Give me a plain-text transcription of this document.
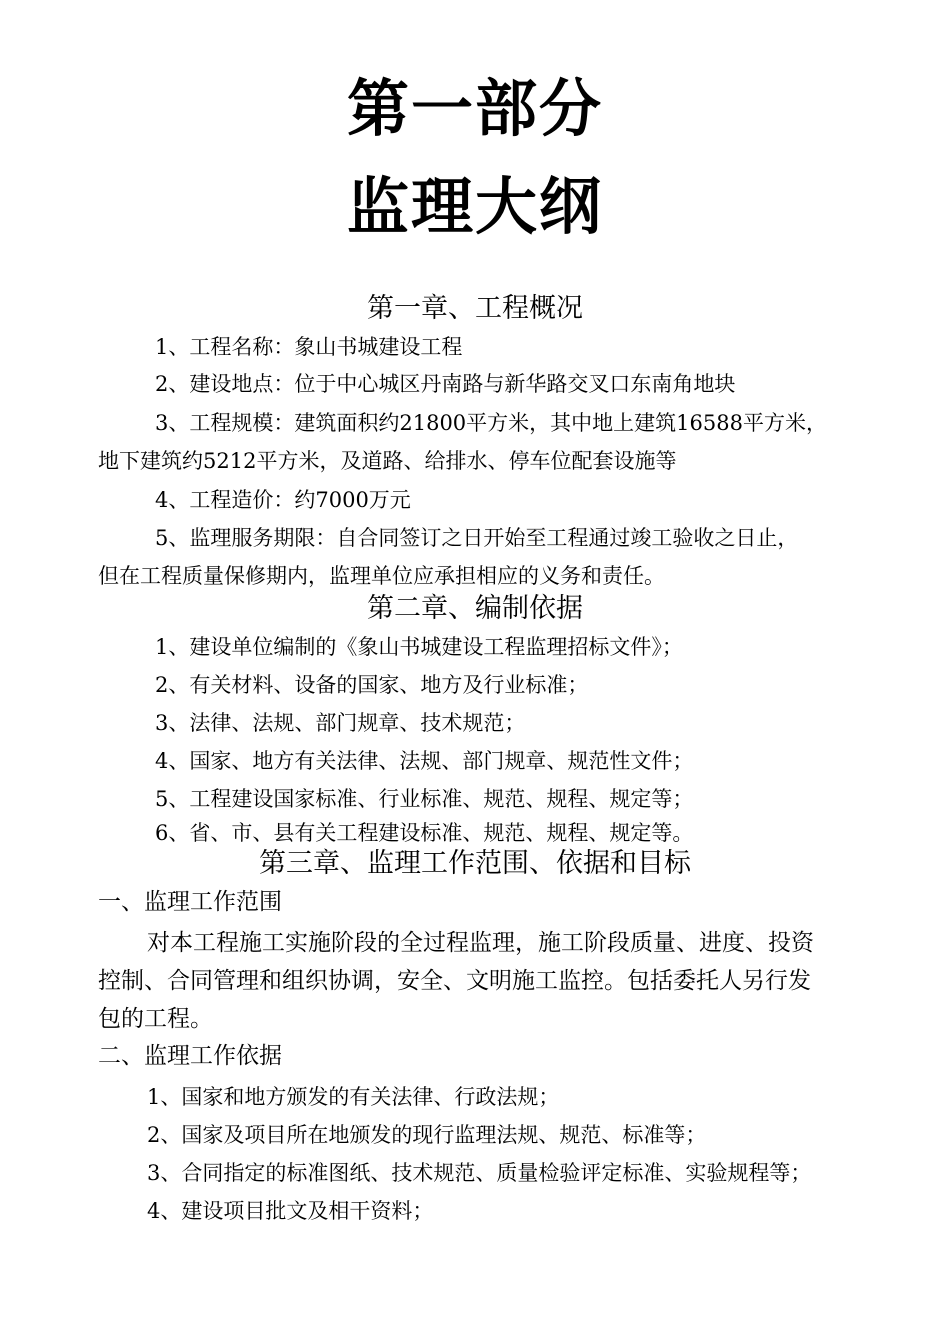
第一部分
监理大纲
第一章、工程概况
1、工程名称：象山书城建设工程
2、建设地点：位于中心城区丹南路与新华路交叉口东南角地块
3、工程规模：建筑面积约21800平方米，其中地上建筑16588平方米，
地下建筑约5212平方米，及道路、给排水、停车位配套设施等
4、工程造价：约7000万元
5、监理服务期限：自合同签订之日开始至工程通过竣工验收之日止，
但在工程质量保修期内，监理单位应承担相应的义务和责任。
第二章、编制依据
1、建设单位编制的《象山书城建设工程监理招标文件》；
2、有关材料、设备的国家、地方及行业标准；
3、法律、法规、部门规章、技术规范；
4、国家、地方有关法律、法规、部门规章、规范性文件；
5、工程建设国家标准、行业标准、规范、规程、规定等；
6、省、市、县有关工程建设标准、规范、规程、规定等。
第三章、监理工作范围、依据和目标
一、监理工作范围
对本工程施工实施阶段的全过程监理，施工阶段质量、进度、投资
控制、合同管理和组织协调，安全、文明施工监控。包括委托人另行发
包的工程。
二、监理工作依据
1、国家和地方颁发的有关法律、行政法规；
2、国家及项目所在地颁发的现行监理法规、规范、标准等；
3、合同指定的标准图纸、技术规范、质量检验评定标准、实验规程等；
4、建设项目批文及相干资料；
